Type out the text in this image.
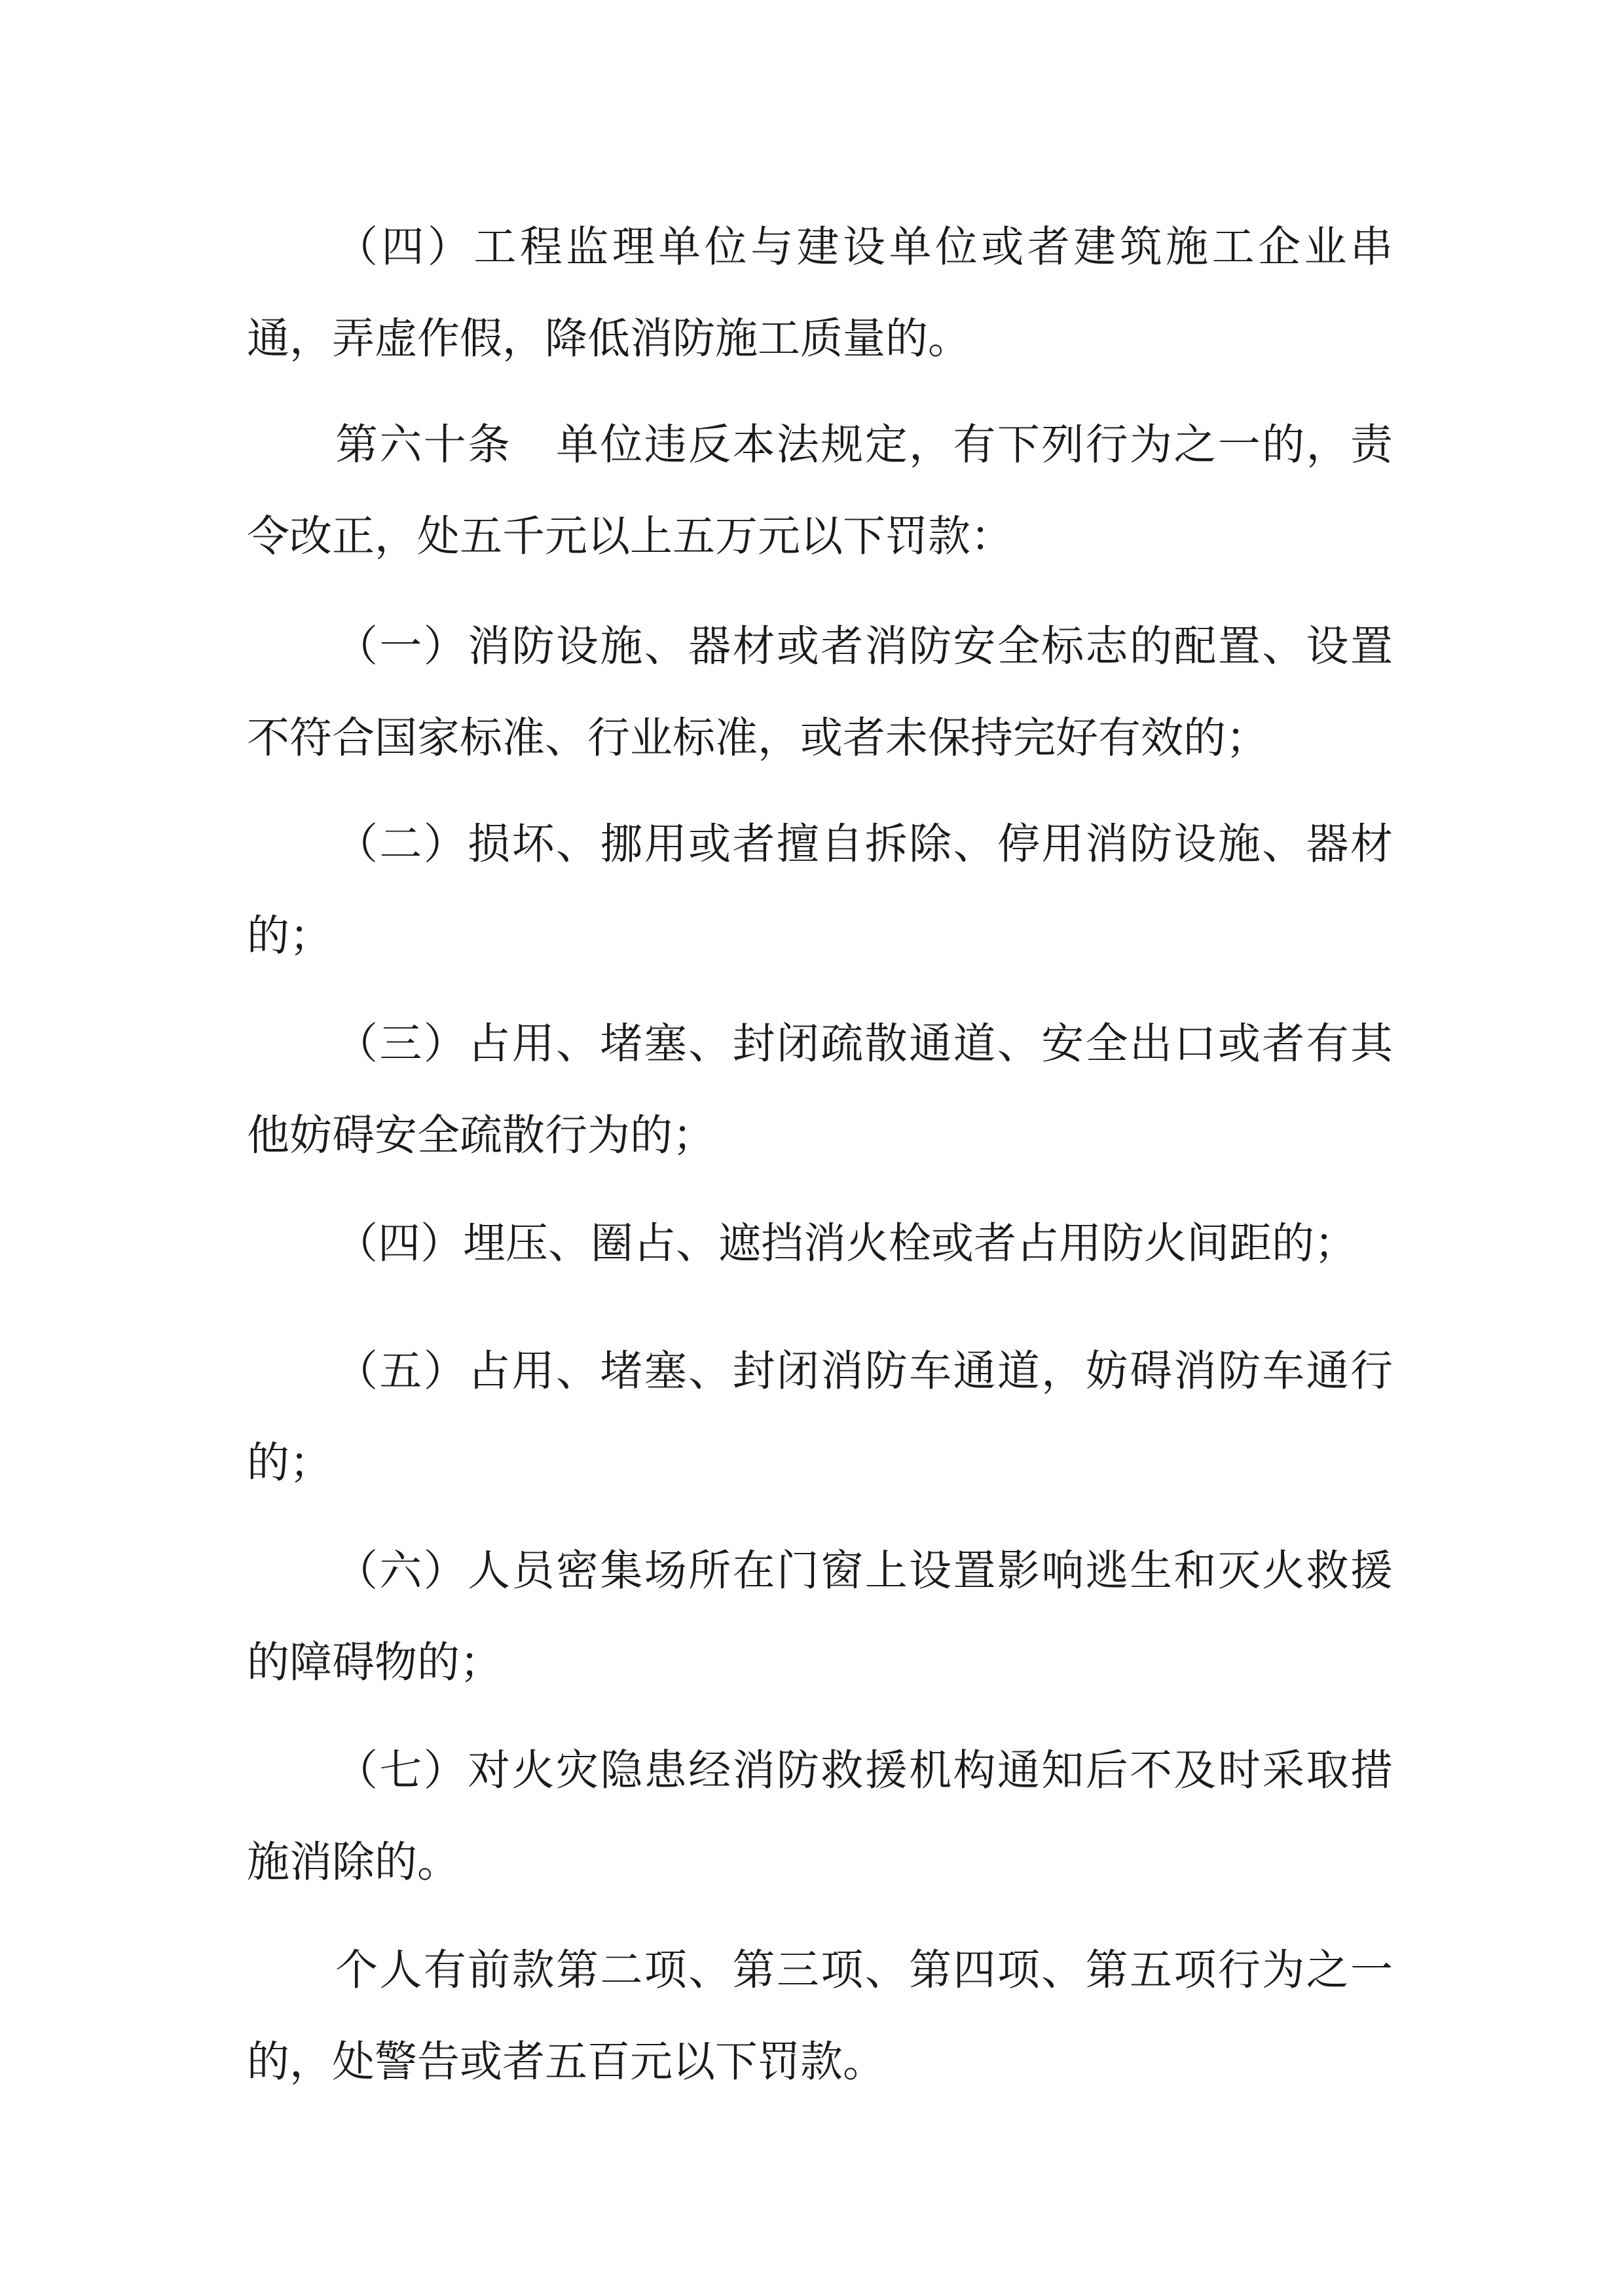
（四）工程监理单位与建设单位或者建筑施工企业串通，弄虚作假，降低消防施工质量的。

第六十条　单位违反本法规定，有下列行为之一的，责令改正，处五千元以上五万元以下罚款：

（一）消防设施、器材或者消防安全标志的配置、设置不符合国家标准、行业标准，或者未保持完好有效的；

（二）损坏、挪用或者擅自拆除、停用消防设施、器材的；

（三）占用、堵塞、封闭疏散通道、安全出口或者有其他妨碍安全疏散行为的；

（四）埋压、圈占、遮挡消火栓或者占用防火间距的；

（五）占用、堵塞、封闭消防车通道，妨碍消防车通行的；

（六）人员密集场所在门窗上设置影响逃生和灭火救援的障碍物的；

（七）对火灾隐患经消防救援机构通知后不及时采取措施消除的。

个人有前款第二项、第三项、第四项、第五项行为之一的，处警告或者五百元以下罚款。
